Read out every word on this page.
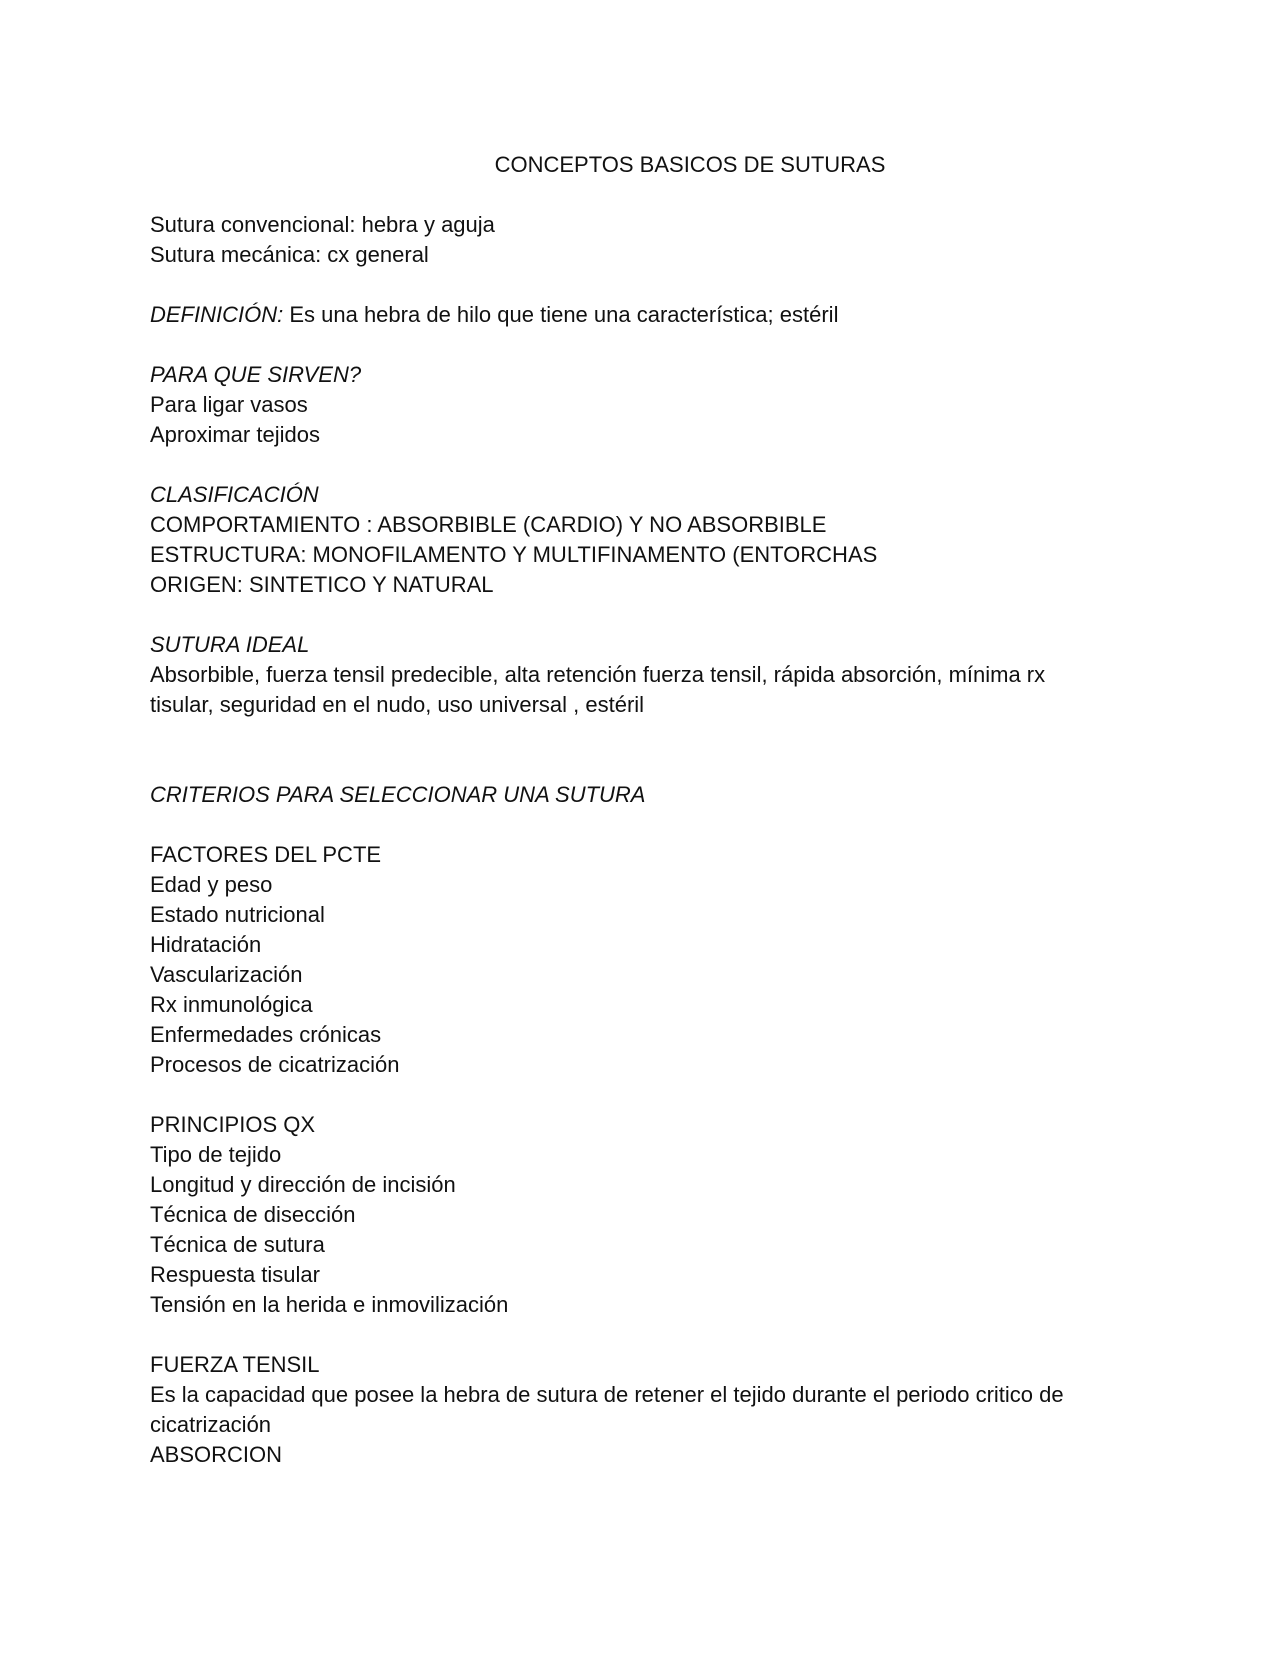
CONCEPTOS BASICOS DE SUTURAS
Sutura convencional: hebra y aguja
Sutura mecánica: cx general
DEFINICIÓN: Es una hebra de hilo que tiene una característica; estéril
PARA QUE SIRVEN?
Para ligar vasos
Aproximar tejidos
CLASIFICACIÓN
COMPORTAMIENTO : ABSORBIBLE (CARDIO) Y NO ABSORBIBLE
ESTRUCTURA: MONOFILAMENTO Y MULTIFINAMENTO (ENTORCHAS
ORIGEN: SINTETICO Y NATURAL
SUTURA IDEAL
Absorbible, fuerza tensil predecible, alta retención fuerza tensil, rápida absorción, mínima rx tisular, seguridad en el nudo, uso universal , estéril
CRITERIOS PARA SELECCIONAR UNA SUTURA
FACTORES DEL PCTE
Edad y peso
Estado nutricional
Hidratación
Vascularización
Rx inmunológica
Enfermedades crónicas
Procesos de cicatrización
PRINCIPIOS QX
Tipo de tejido
Longitud y dirección de incisión
Técnica de disección
Técnica de sutura
Respuesta tisular
Tensión en la herida e inmovilización
FUERZA TENSIL
Es la capacidad que posee la hebra de sutura de retener el tejido durante el periodo critico de cicatrización
ABSORCION
